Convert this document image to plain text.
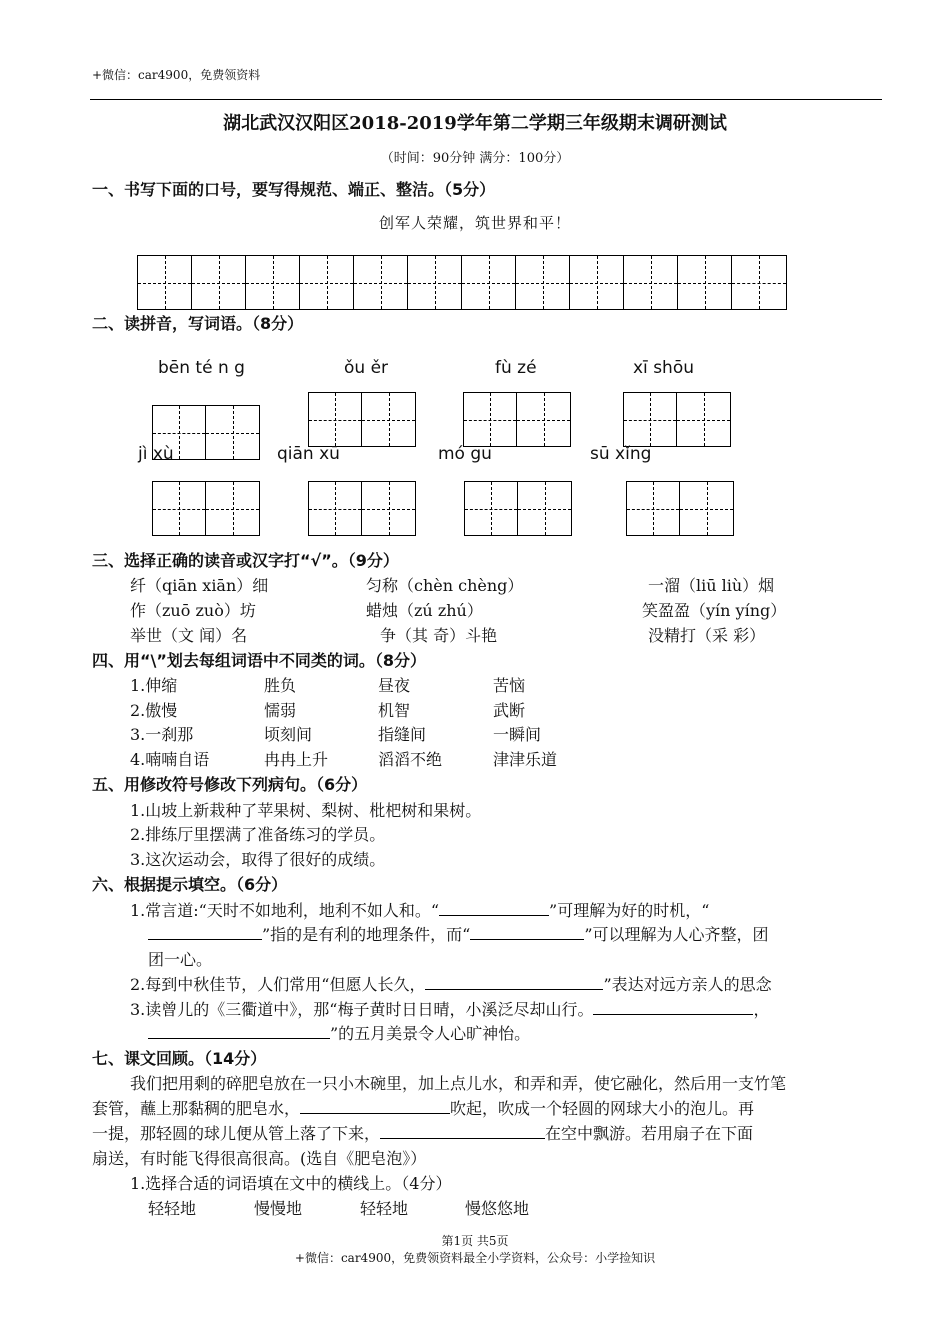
+微信：car4900，免费领资料
湖北武汉汉阳区2018-2019学年第二学期三年级期末调研测试
（时间：90分钟 满分：100分）
一、书写下面的口号，要写得规范、端正、整洁。（5分）
创军人荣耀，筑世界和平！
二、读拼音，写词语。（8分）
bēn té n g	ǒu ěr	fù zé	xī shōu
jì xù	qiān xū	mó gu	sū xǐng
三、选择正确的读音或汉字打“√”。（9分）
纤（qiān xiān）细	匀称（chèn chèng）	一溜（liū liù）烟
作（zuō zuò）坊	蜡烛（zú zhú）	笑盈盈（yín yíng）
举世（文 闻）名	争（其 奇）斗艳	没精打（采 彩）
四、用“\”划去每组词语中不同类的词。（8分）
1.伸缩	胜负	昼夜	苦恼
2.傲慢	懦弱	机智	武断
3.一刹那	顷刻间	指缝间	一瞬间
4.喃喃自语	冉冉上升	滔滔不绝	津津乐道
五、用修改符号修改下列病句。（6分）
1.山坡上新栽种了苹果树、梨树、枇杷树和果树。
2.排练厅里摆满了准备练习的学员。
3.这次运动会，取得了很好的成绩。
六、根据提示填空。（6分）
1.常言道:“天时不如地利，地利不如人和。“	”可理解为好的时机，“
”指的是有利的地理条件，而“	”可以理解为人心齐整，团
团一心。
2.每到中秋佳节，人们常用“但愿人长久，	”表达对远方亲人的思念
3.读曾儿的《三衢道中》，那“梅子黄时日日晴，小溪泛尽却山行。	，
”的五月美景令人心旷神怡。
七、课文回顾。（14分）
我们把用剩的碎肥皂放在一只小木碗里，加上点儿水，和弄和弄，使它融化，然后用一支竹笔
套管，蘸上那黏稠的肥皂水，	吹起，吹成一个轻圆的网球大小的泡儿。再
一提，那轻圆的球儿便从管上落了下来，	在空中飘游。若用扇子在下面
扇送，有时能飞得很高很高。(选自《肥皂泡》）
1.选择合适的词语填在文中的横线上。（4分）
轻轻地	慢慢地	轻轻地	慢悠悠地
第1页 共5页
+微信：car4900，免费领资料最全小学资料，公众号：小学捡知识
